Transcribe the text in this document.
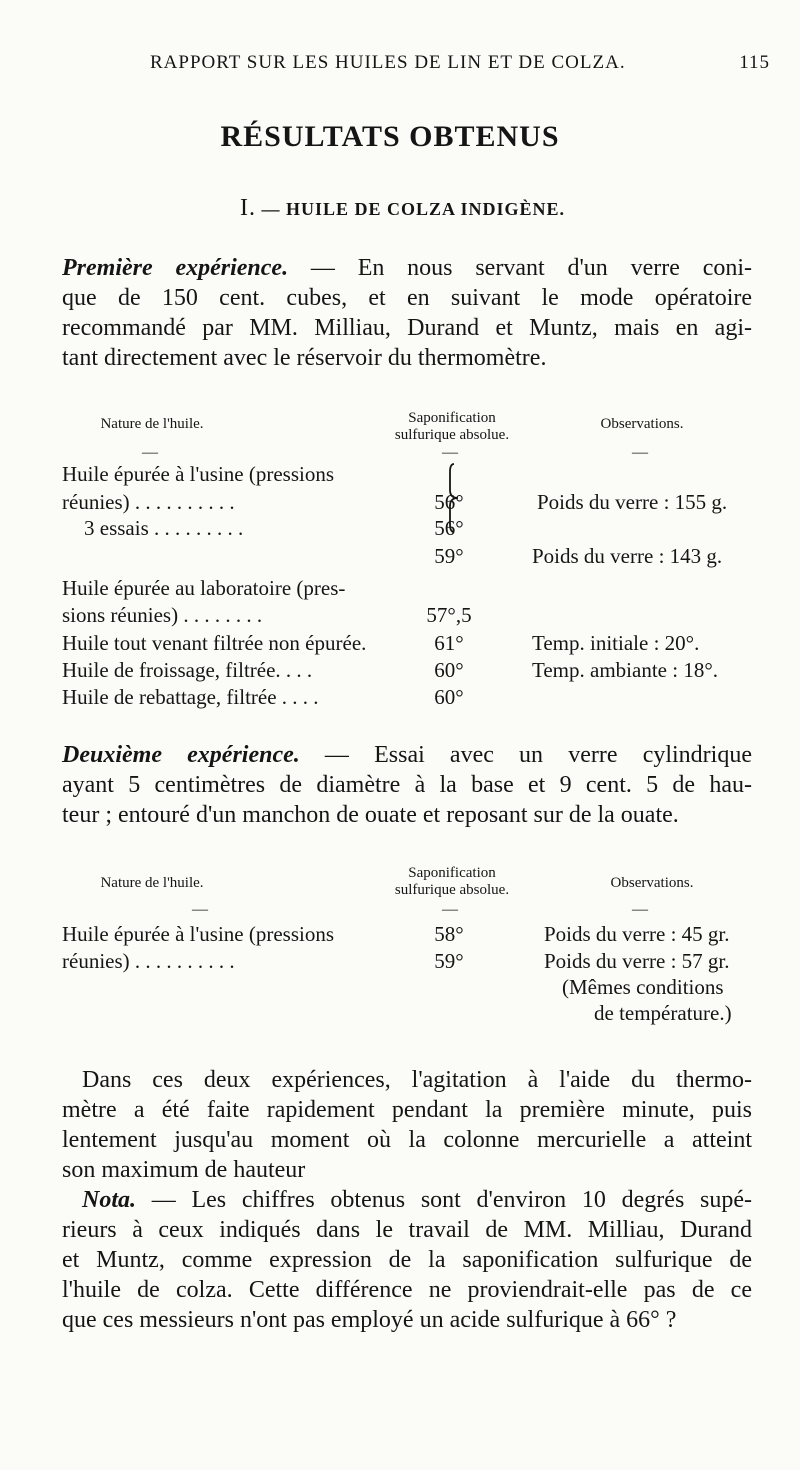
RAPPORT SUR LES HUILES DE LIN ET DE COLZA.	115
RÉSULTATS OBTENUS
I. — HUILE DE COLZA INDIGÈNE.
Première expérience. — En nous servant d'un verre coni-
que de 150 cent. cubes, et en suivant le mode opératoire
recommandé par MM. Milliau, Durand et Muntz, mais en agi-
tant directement avec le réservoir du thermomètre.
Nature de l'huile.	Saponification
sulfurique absolue.
Observations.
—	—	—
Huile épurée à l'usine (pressions
réunies) . . . . . . . . . .	56°	Poids du verre : 155 g.
3 essais . . . . . . . . .	56°
59°	Poids du verre : 143 g.
Huile épurée au laboratoire (pres-
sions réunies) . . . . . . . .	57°,5
Huile tout venant filtrée non épurée.	61°	Temp. initiale : 20°.
Huile de froissage, filtrée. . . .	60°	Temp. ambiante : 18°.
Huile de rebattage, filtrée . . . .	60°
Deuxième expérience. — Essai avec un verre cylindrique
ayant 5 centimètres de diamètre à la base et 9 cent. 5 de hau-
teur ; entouré d'un manchon de ouate et reposant sur de la ouate.
Nature de l'huile.
Saponification
sulfurique absolue.	Observations.
—	—	—
Huile épurée à l'usine (pressions	58°	Poids du verre : 45 gr.
réunies) . . . . . . . . . .	59°	Poids du verre : 57 gr.
(Mêmes conditions
de température.)
Dans ces deux expériences, l'agitation à l'aide du thermo-
mètre a été faite rapidement pendant la première minute, puis
lentement jusqu'au moment où la colonne mercurielle a atteint
son maximum de hauteur
Nota. — Les chiffres obtenus sont d'environ 10 degrés supé-
rieurs à ceux indiqués dans le travail de MM. Milliau, Durand
et Muntz, comme expression de la saponification sulfurique de
l'huile de colza. Cette différence ne proviendrait-elle pas de ce
que ces messieurs n'ont pas employé un acide sulfurique à 66° ?
